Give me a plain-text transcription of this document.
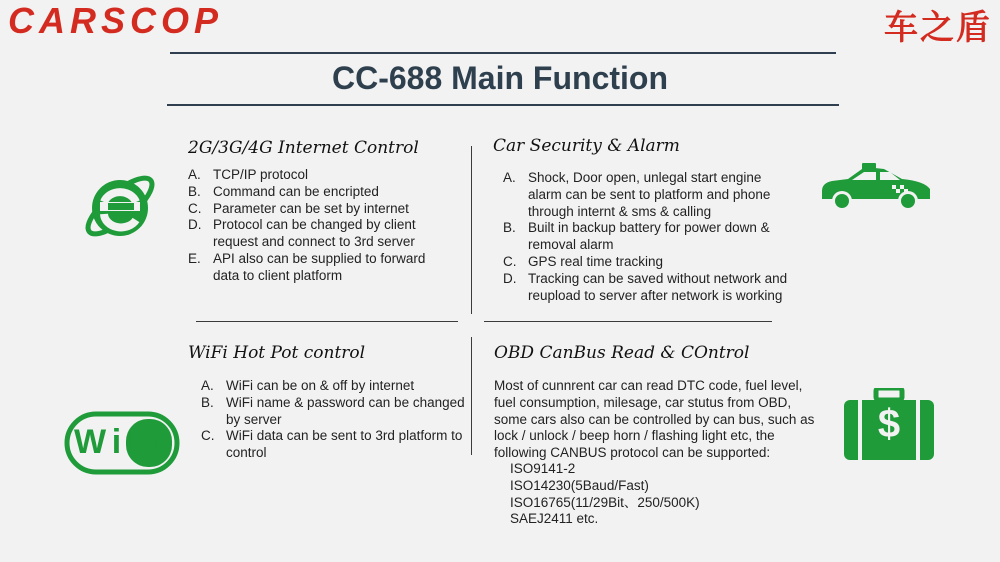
CARSCOP	车之盾
CC-688 Main Function
2G/3G/4G Internet Control
A. TCP/IP protocol
B. Command can be encripted
C. Parameter can be set by internet
D. Protocol can be changed by client request and connect to 3rd server
E. API also can be supplied to forward data to client platform
Car Security & Alarm
A. Shock, Door open, unlegal start engine alarm can be sent to platform and phone through internt & sms & calling
B. Built in backup battery for power down & removal alarm
C. GPS real time tracking
D. Tracking can be saved without network and reupload to server after network is working
WiFi Hot Pot control
A. WiFi can be on & off by internet
B. WiFi name & password can be changed by server
C. WiFi data can be sent to 3rd platform to control
WiFi
OBD CanBus Read & COntrol
Most of cunnrent car can read DTC code, fuel level, fuel consumption, milesage, car stutus from OBD, some cars also can be controlled by can bus, such as lock / unlock / beep horn / flashing light etc, the following CANBUS protocol can be supported:
ISO9141-2
ISO14230(5Baud/Fast)
ISO16765(11/29Bit、250/500K)
SAEJ2411 etc.
$
